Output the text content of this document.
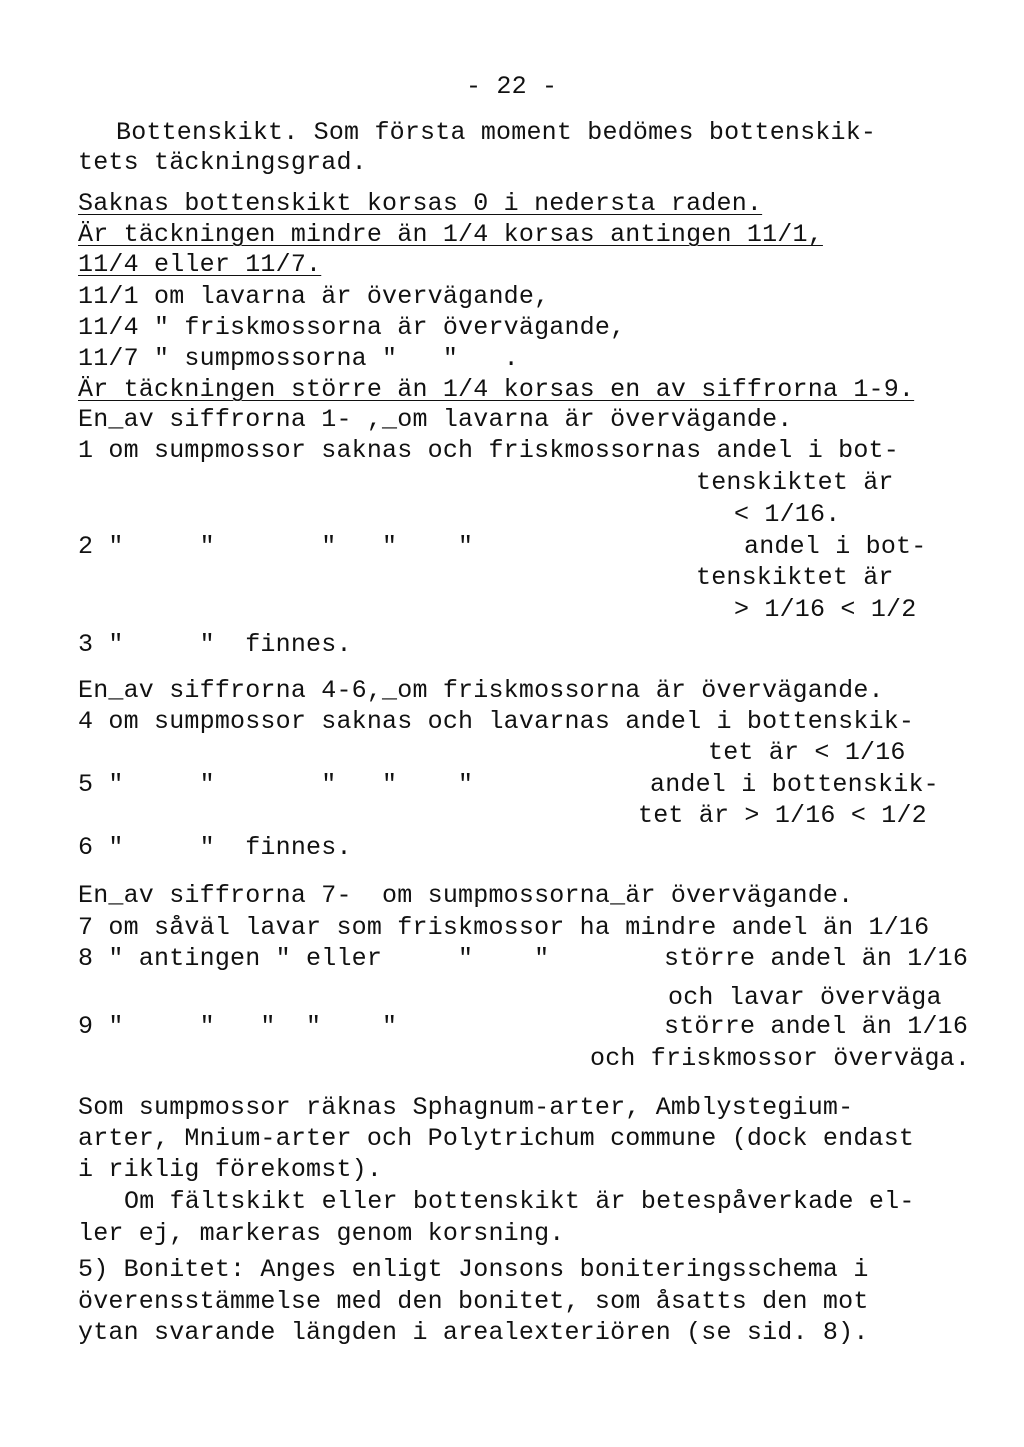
- 22 -
Bottenskikt. Som första moment bedömes bottenskik-
tets täckningsgrad.
Saknas bottenskikt korsas 0 i nedersta raden.
Är täckningen mindre än 1/4 korsas antingen 11/1,
11/4 eller 11/7.
11/1 om lavarna är övervägande,
11/4 " friskmossorna är övervägande,
11/7 " sumpmossorna "   "   .
Är täckningen större än 1/4 korsas en av siffrorna 1-9.
En_av siffrorna 1- ,_om lavarna är övervägande.
1 om sumpmossor saknas och friskmossornas andel i bot-
tenskiktet är
< 1/16.
2 "     "       "   "    "	andel i bot-
tenskiktet är
> 1/16 < 1/2
3 "     "  finnes.
En_av siffrorna 4-6,_om friskmossorna är övervägande.
4 om sumpmossor saknas och lavarnas andel i bottenskik-
tet är < 1/16
5 "     "       "   "    "	andel i bottenskik-
tet är > 1/16 < 1/2
6 "     "  finnes.
En_av siffrorna 7-  om sumpmossorna_är övervägande.
7 om såväl lavar som friskmossor ha mindre andel än 1/16
8 " antingen " eller     "    "	större andel än 1/16
och lavar överväga
9 "     "   "  "    "	större andel än 1/16
och friskmossor överväga.
Som sumpmossor räknas Sphagnum-arter, Amblystegium-
arter, Mnium-arter och Polytrichum commune (dock endast
i riklig förekomst).
Om fältskikt eller bottenskikt är betespåverkade el-
ler ej, markeras genom korsning.
5) Bonitet: Anges enligt Jonsons boniteringsschema i
överensstämmelse med den bonitet, som åsatts den mot
ytan svarande längden i arealexteriören (se sid. 8).
